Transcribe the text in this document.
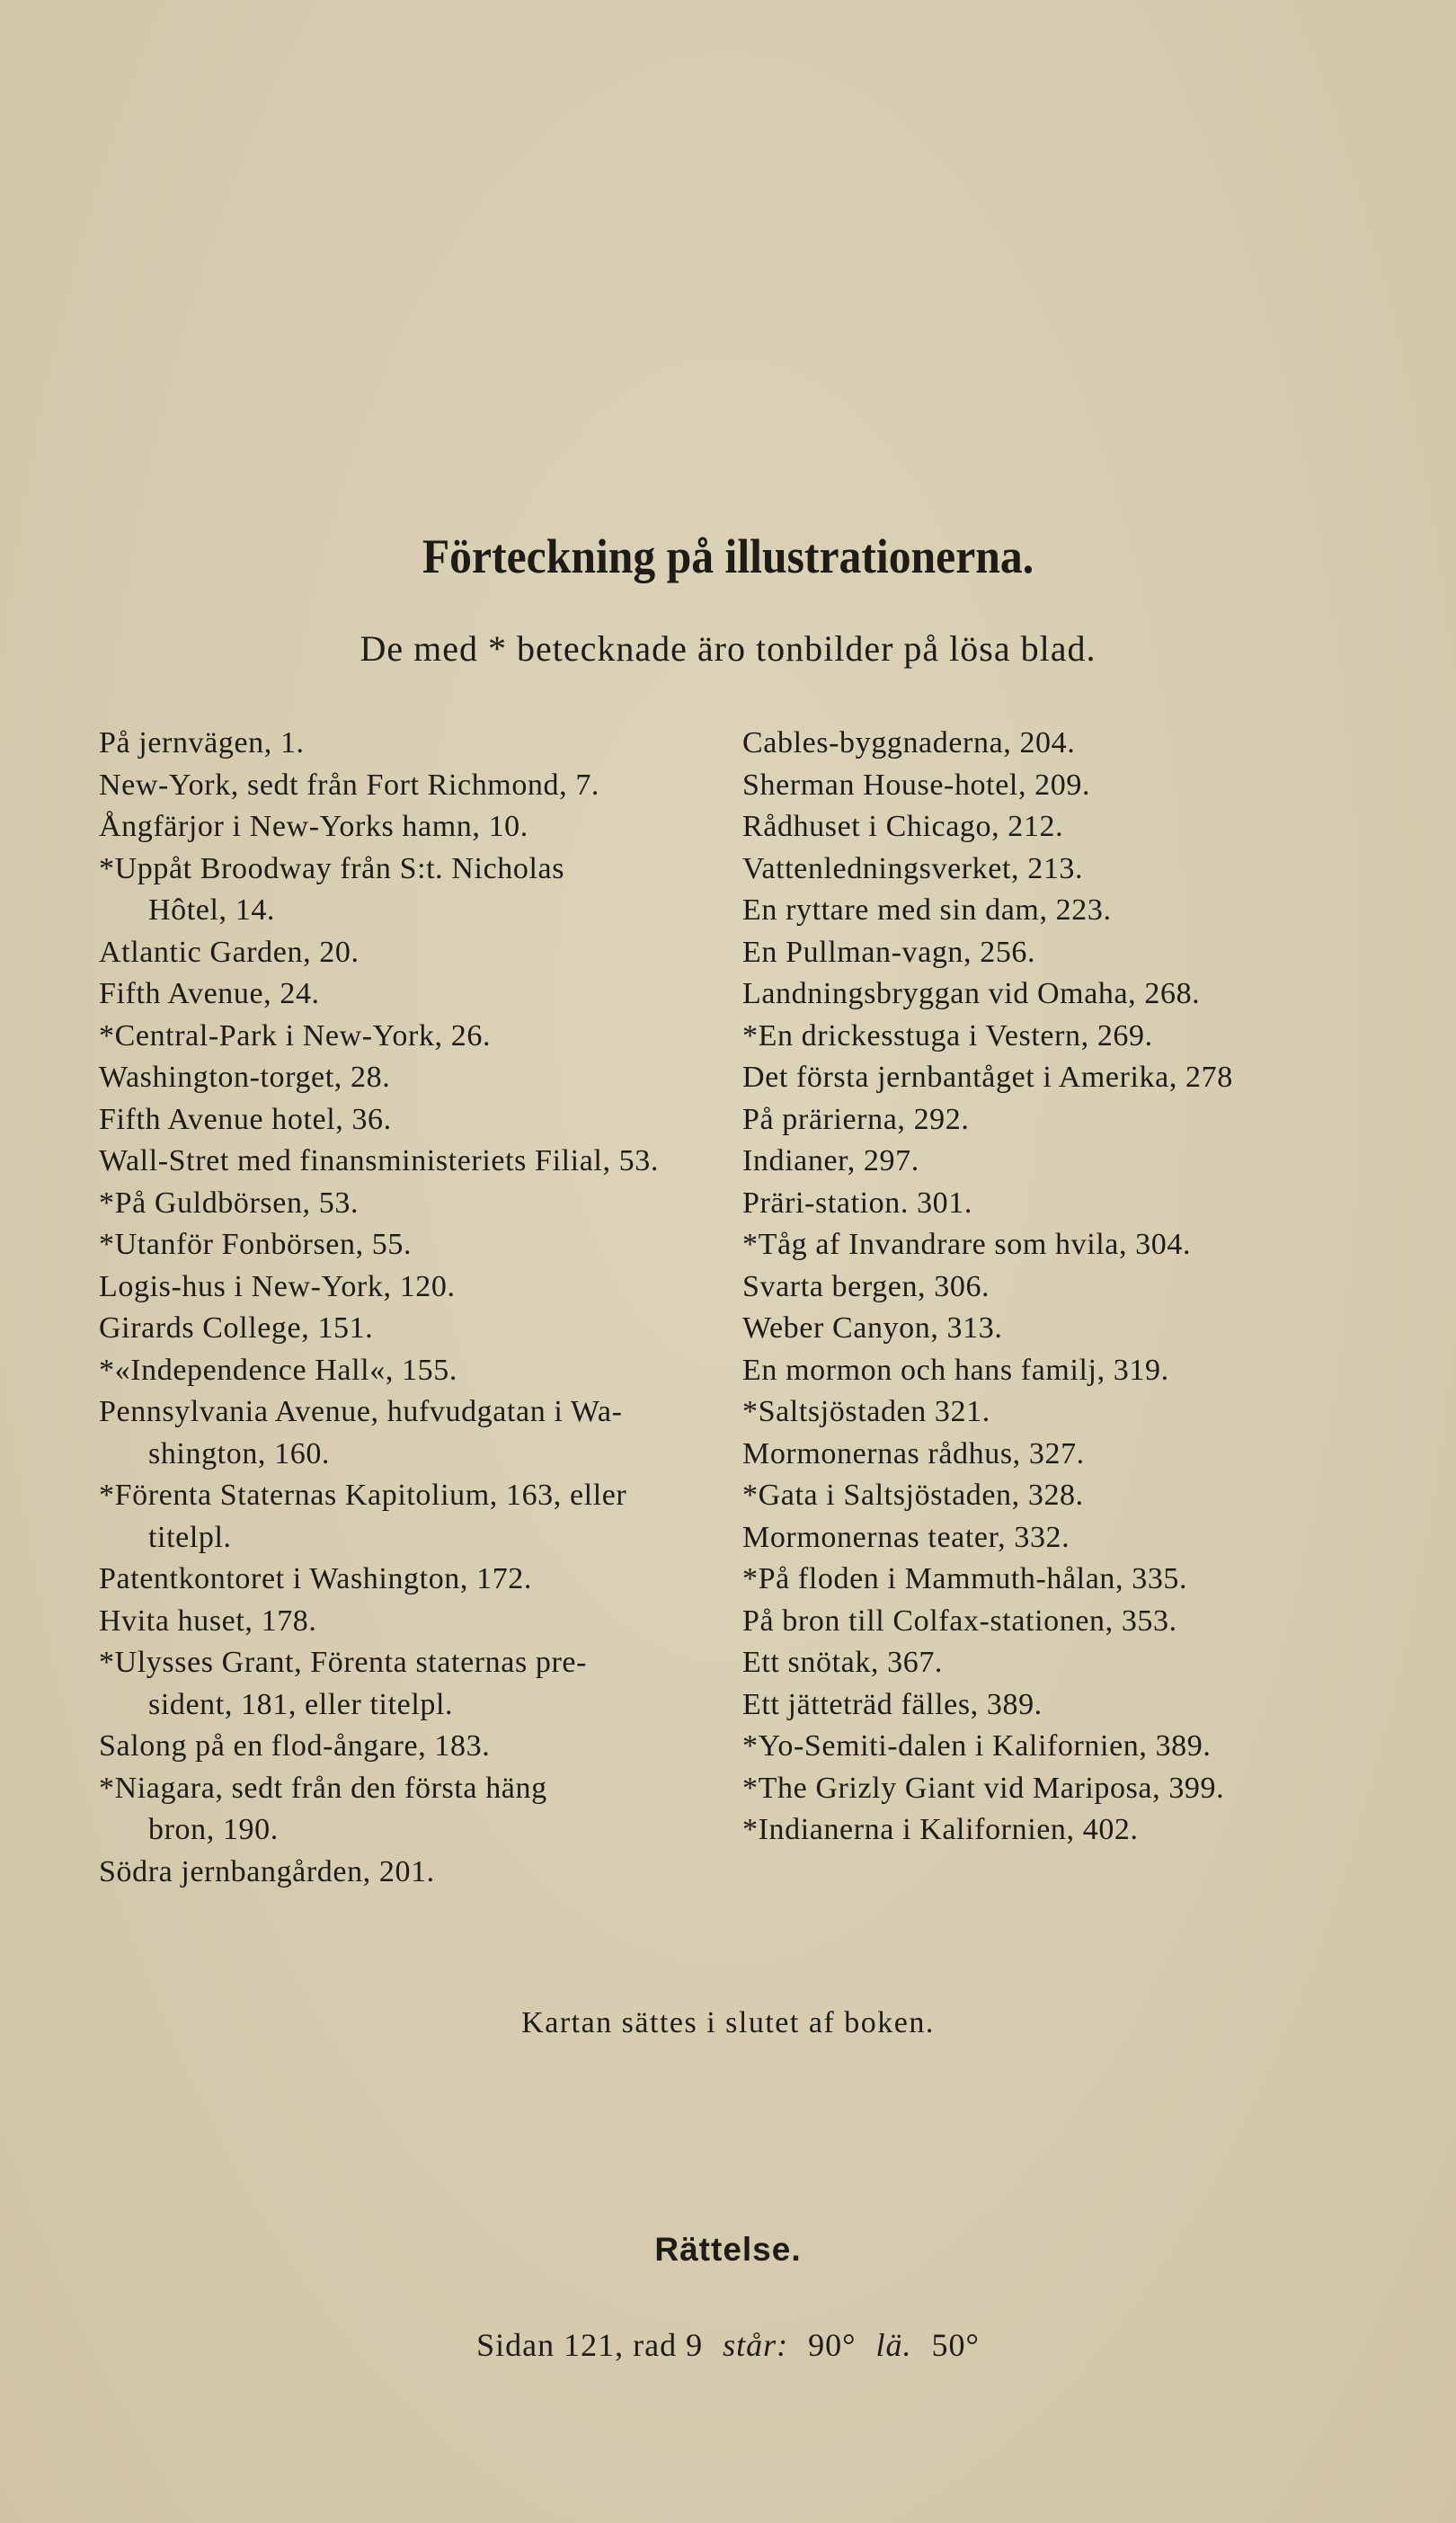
Förteckning på illustrationerna.
De med * betecknade äro tonbilder på lösa blad.
På jernvägen, 1.
New-York, sedt från Fort Richmond, 7.
Ångfärjor i New-Yorks hamn, 10.
*Uppåt Broodway från S:t. Nicholas
Hôtel, 14.
Atlantic Garden, 20.
Fifth Avenue, 24.
*Central-Park i New-York, 26.
Washington-torget, 28.
Fifth Avenue hotel, 36.
Wall-Stret med finansministeriets Filial, 53.
*På Guldbörsen, 53.
*Utanför Fonbörsen, 55.
Logis-hus i New-York, 120.
Girards College, 151.
*«Independence Hall«, 155.
Pennsylvania Avenue, hufvudgatan i Wa-
shington, 160.
*Förenta Staternas Kapitolium, 163, eller
titelpl.
Patentkontoret i Washington, 172.
Hvita huset, 178.
*Ulysses Grant, Förenta staternas pre-
sident, 181, eller titelpl.
Salong på en flod-ångare, 183.
*Niagara, sedt från den första häng
bron, 190.
Södra jernbangården, 201.
Cables-byggnaderna, 204.
Sherman House-hotel, 209.
Rådhuset i Chicago, 212.
Vattenledningsverket, 213.
En ryttare med sin dam, 223.
En Pullman-vagn, 256.
Landningsbryggan vid Omaha, 268.
*En drickesstuga i Vestern, 269.
Det första jernbantåget i Amerika, 278
På prärierna, 292.
Indianer, 297.
Präri-station. 301.
*Tåg af Invandrare som hvila, 304.
Svarta bergen, 306.
Weber Canyon, 313.
En mormon och hans familj, 319.
*Saltsjöstaden 321.
Mormonernas rådhus, 327.
*Gata i Saltsjöstaden, 328.
Mormonernas teater, 332.
*På floden i Mammuth-hålan, 335.
På bron till Colfax-stationen, 353.
Ett snötak, 367.
Ett jätteträd fälles, 389.
*Yo-Semiti-dalen i Kalifornien, 389.
*The Grizly Giant vid Mariposa, 399.
*Indianerna i Kalifornien, 402.
Kartan sättes i slutet af boken.
Rättelse.
Sidan 121, rad 9 står: 90° lä. 50°
